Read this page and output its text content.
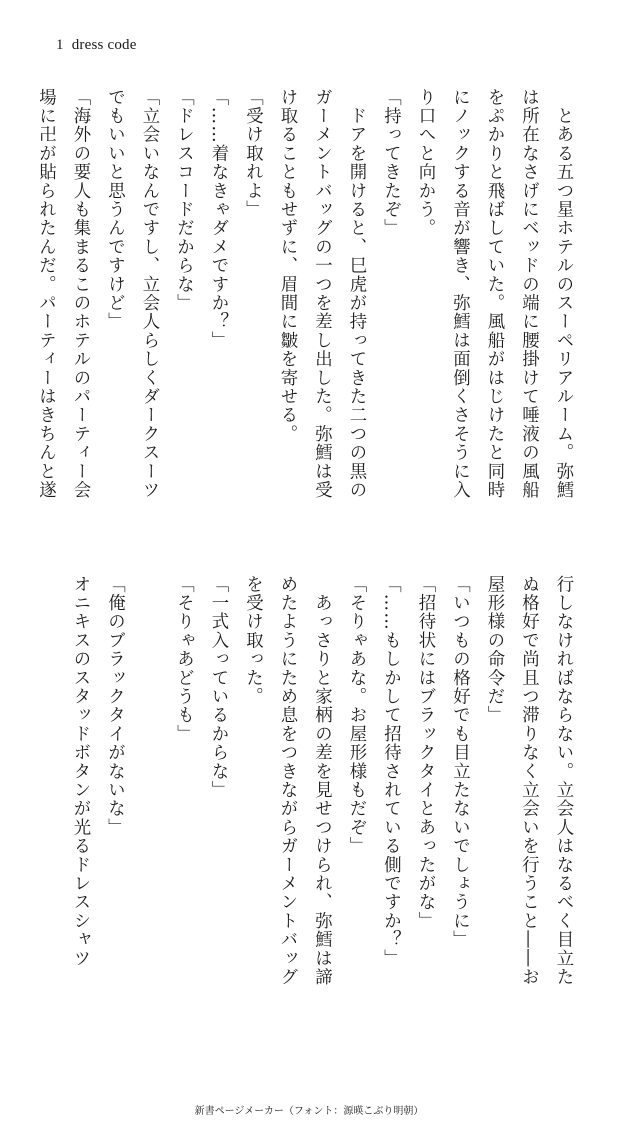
1 dress code

　とある五つ星ホテルのスーペリアルーム。弥鱈

は所在なさげにベッドの端に腰掛けて唾液の風船

をぷかりと飛ばしていた。風船がはじけたと同時

にノックする音が響き、弥鱈は面倒くさそうに入

り口へと向かう。

「持ってきたぞ」

　ドアを開けると、巳虎が持ってきた二つの黒の

ガーメントバッグの一つを差し出した。弥鱈は受

け取ることもせずに、眉間に皺を寄せる。

「受け取れよ」

「……着なきゃダメですか？」

「ドレスコードだからな」

「立会いなんですし、立会人らしくダークスーツ

でもいいと思うんですけど」

「海外の要人も集まるこのホテルのパーティー会

場に卍が貼られたんだ。パーティーはきちんと遂

行しなければならない。立会人はなるべく目立た

ぬ格好で尚且つ滞りなく立会いを行うこと――お

屋形様の命令だ」

「いつもの格好でも目立たないでしょうに」

「招待状にはブラックタイとあったがな」

「……もしかして招待されている側ですか？」

「そりゃあな。お屋形様もだぞ」

　あっさりと家柄の差を見せつけられ、弥鱈は諦

めたようにため息をつきながらガーメントバッグ

を受け取った。

「一式入っているからな」

「そりゃあどうも」

「俺のブラックタイがないな」

オニキスのスタッドボタンが光るドレスシャツ

新書ページメーカー（フォント：源暎こぶり明朝）
